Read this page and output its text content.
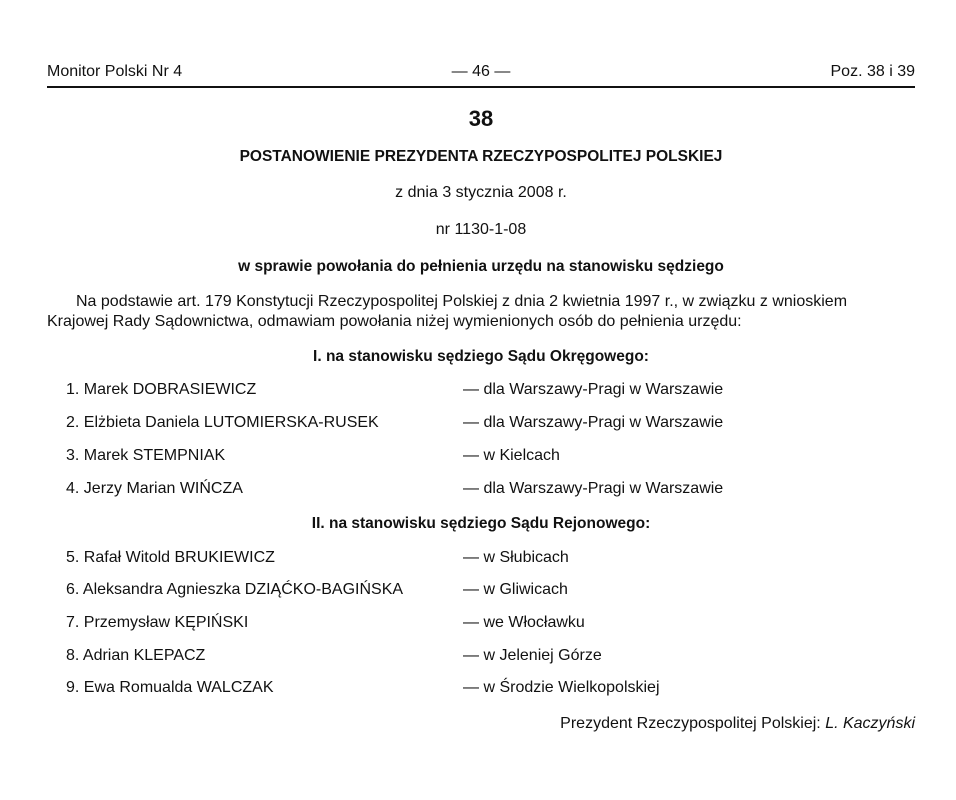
Monitor Polski Nr 4	— 46 —	Poz. 38 i 39
38
POSTANOWIENIE PREZYDENTA RZECZYPOSPOLITEJ POLSKIEJ
z dnia 3 stycznia 2008 r.
nr 1130-1-08
w sprawie powołania do pełnienia urzędu na stanowisku sędziego
Na podstawie art. 179 Konstytucji Rzeczypospolitej Polskiej z dnia 2 kwietnia 1997 r., w związku z wnioskiem
Krajowej Rady Sądownictwa, odmawiam powołania niżej wymienionych osób do pełnienia urzędu:
I. na stanowisku sędziego Sądu Okręgowego:
1. Marek DOBRASIEWICZ	— dla Warszawy-Pragi w Warszawie
2. Elżbieta Daniela LUTOMIERSKA-RUSEK	— dla Warszawy-Pragi w Warszawie
3. Marek STEMPNIAK	— w Kielcach
4. Jerzy Marian WIŃCZA	— dla Warszawy-Pragi w Warszawie
II. na stanowisku sędziego Sądu Rejonowego:
5. Rafał Witold BRUKIEWICZ	— w Słubicach
6. Aleksandra Agnieszka DZIĄĆKO-BAGIŃSKA	— w Gliwicach
7. Przemysław KĘPIŃSKI	— we Włocławku
8. Adrian KLEPACZ	— w Jeleniej Górze
9. Ewa Romualda WALCZAK	— w Środzie Wielkopolskiej
Prezydent Rzeczypospolitej Polskiej: L. Kaczyński
